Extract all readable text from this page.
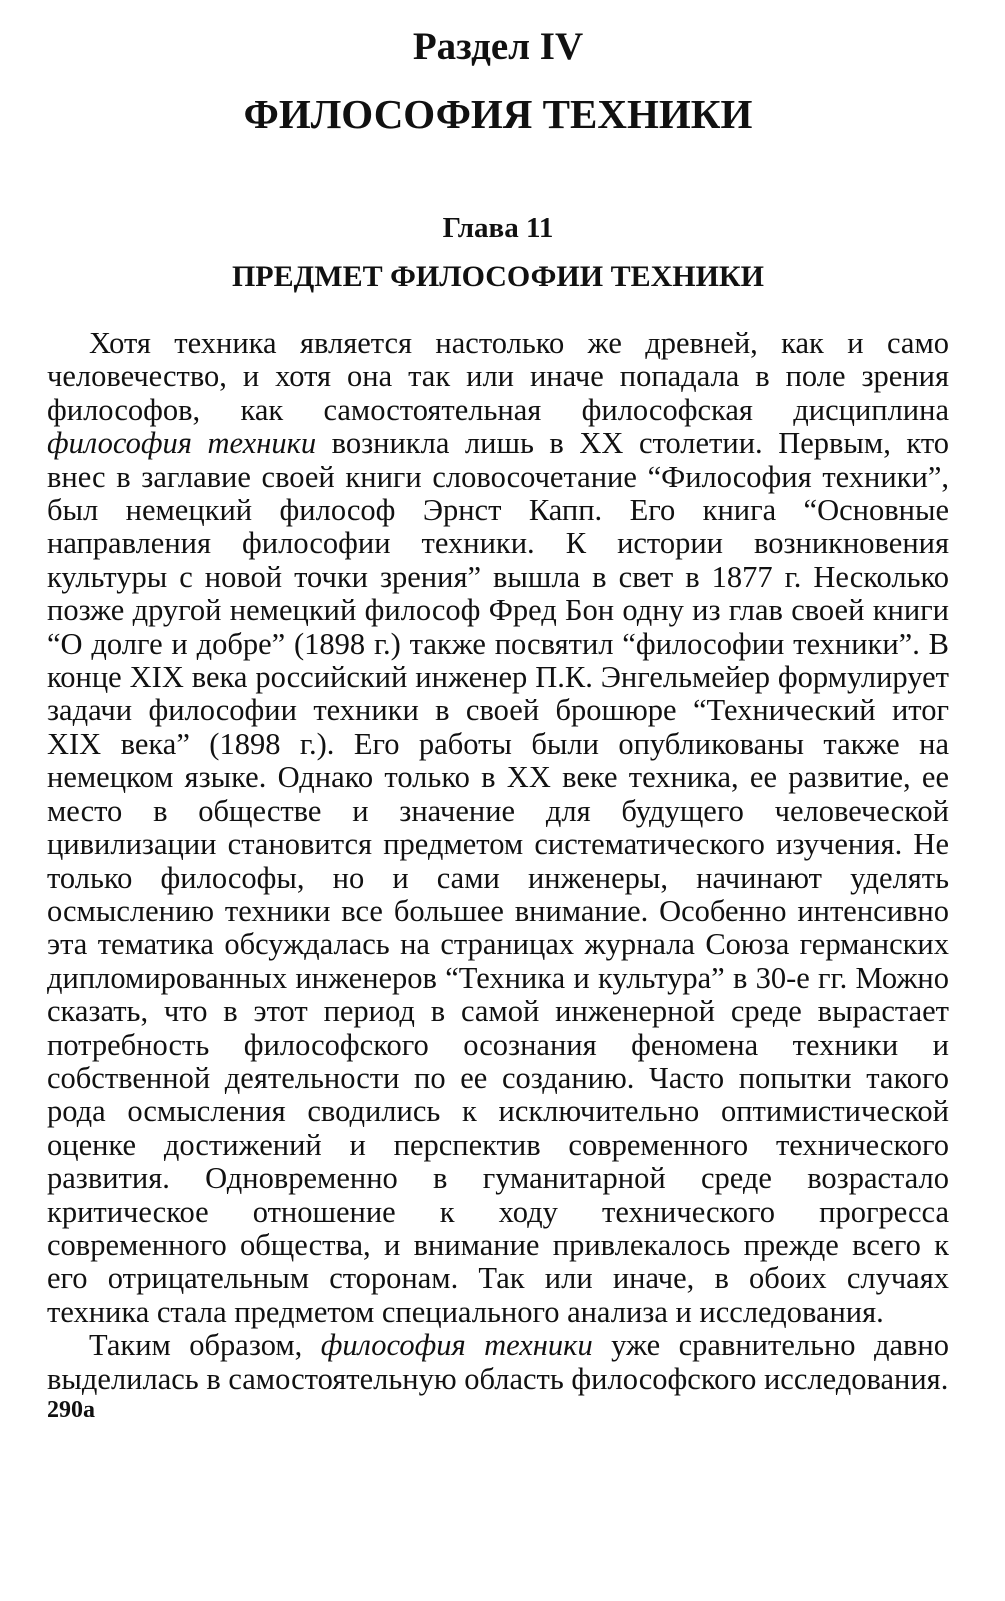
Раздел IV
ФИЛОСОФИЯ ТЕХНИКИ
Глава 11
ПРЕДМЕТ ФИЛОСОФИИ ТЕХНИКИ

Хотя техника является настолько же древней, как и само человечество, и хотя она так или иначе попадала в поле зрения философов, как самостоятельная философская дисциплина философия техники возникла лишь в XX столетии. Первым, кто внес в заглавие своей книги словосочетание “Философия техники”, был немецкий философ Эрнст Капп. Его книга “Основные направления философии техники. К истории возникновения культуры с новой точки зрения” вышла в свет в 1877 г. Несколько позже другой немецкий философ Фред Бон одну из глав своей книги “О долге и добре” (1898 г.) также посвятил “философии техники”. В конце XIX века российский инженер П.К. Энгельмейер формулирует задачи философии техники в своей брошюре “Технический итог XIX века” (1898 г.). Его работы были опубликованы также на немецком языке. Однако только в XX веке техника, ее развитие, ее место в обществе и значение для будущего человеческой цивилизации становится предметом систематического изучения. Не только философы, но и сами инженеры, начинают уделять осмыслению техники все большее внимание. Особенно интенсивно эта тематика обсуждалась на страницах журнала Союза германских дипломированных инженеров “Техника и культура” в 30-е гг. Можно сказать, что в этот период в самой инженерной среде вырастает потребность философского осознания феномена техники и собственной деятельности по ее созданию. Часто попытки такого рода осмысления сводились к исключительно оптимистической оценке достижений и перспектив современного технического развития. Одновременно в гуманитарной среде возрастало критическое отношение к ходу технического прогресса современного общества, и внимание привлекалось прежде всего к его отрицательным сторонам. Так или иначе, в обоих случаях техника стала предметом специального анализа и исследования.

Таким образом, философия техники уже сравнительно давно выделилась в самостоятельную область философского исследования.

290a
